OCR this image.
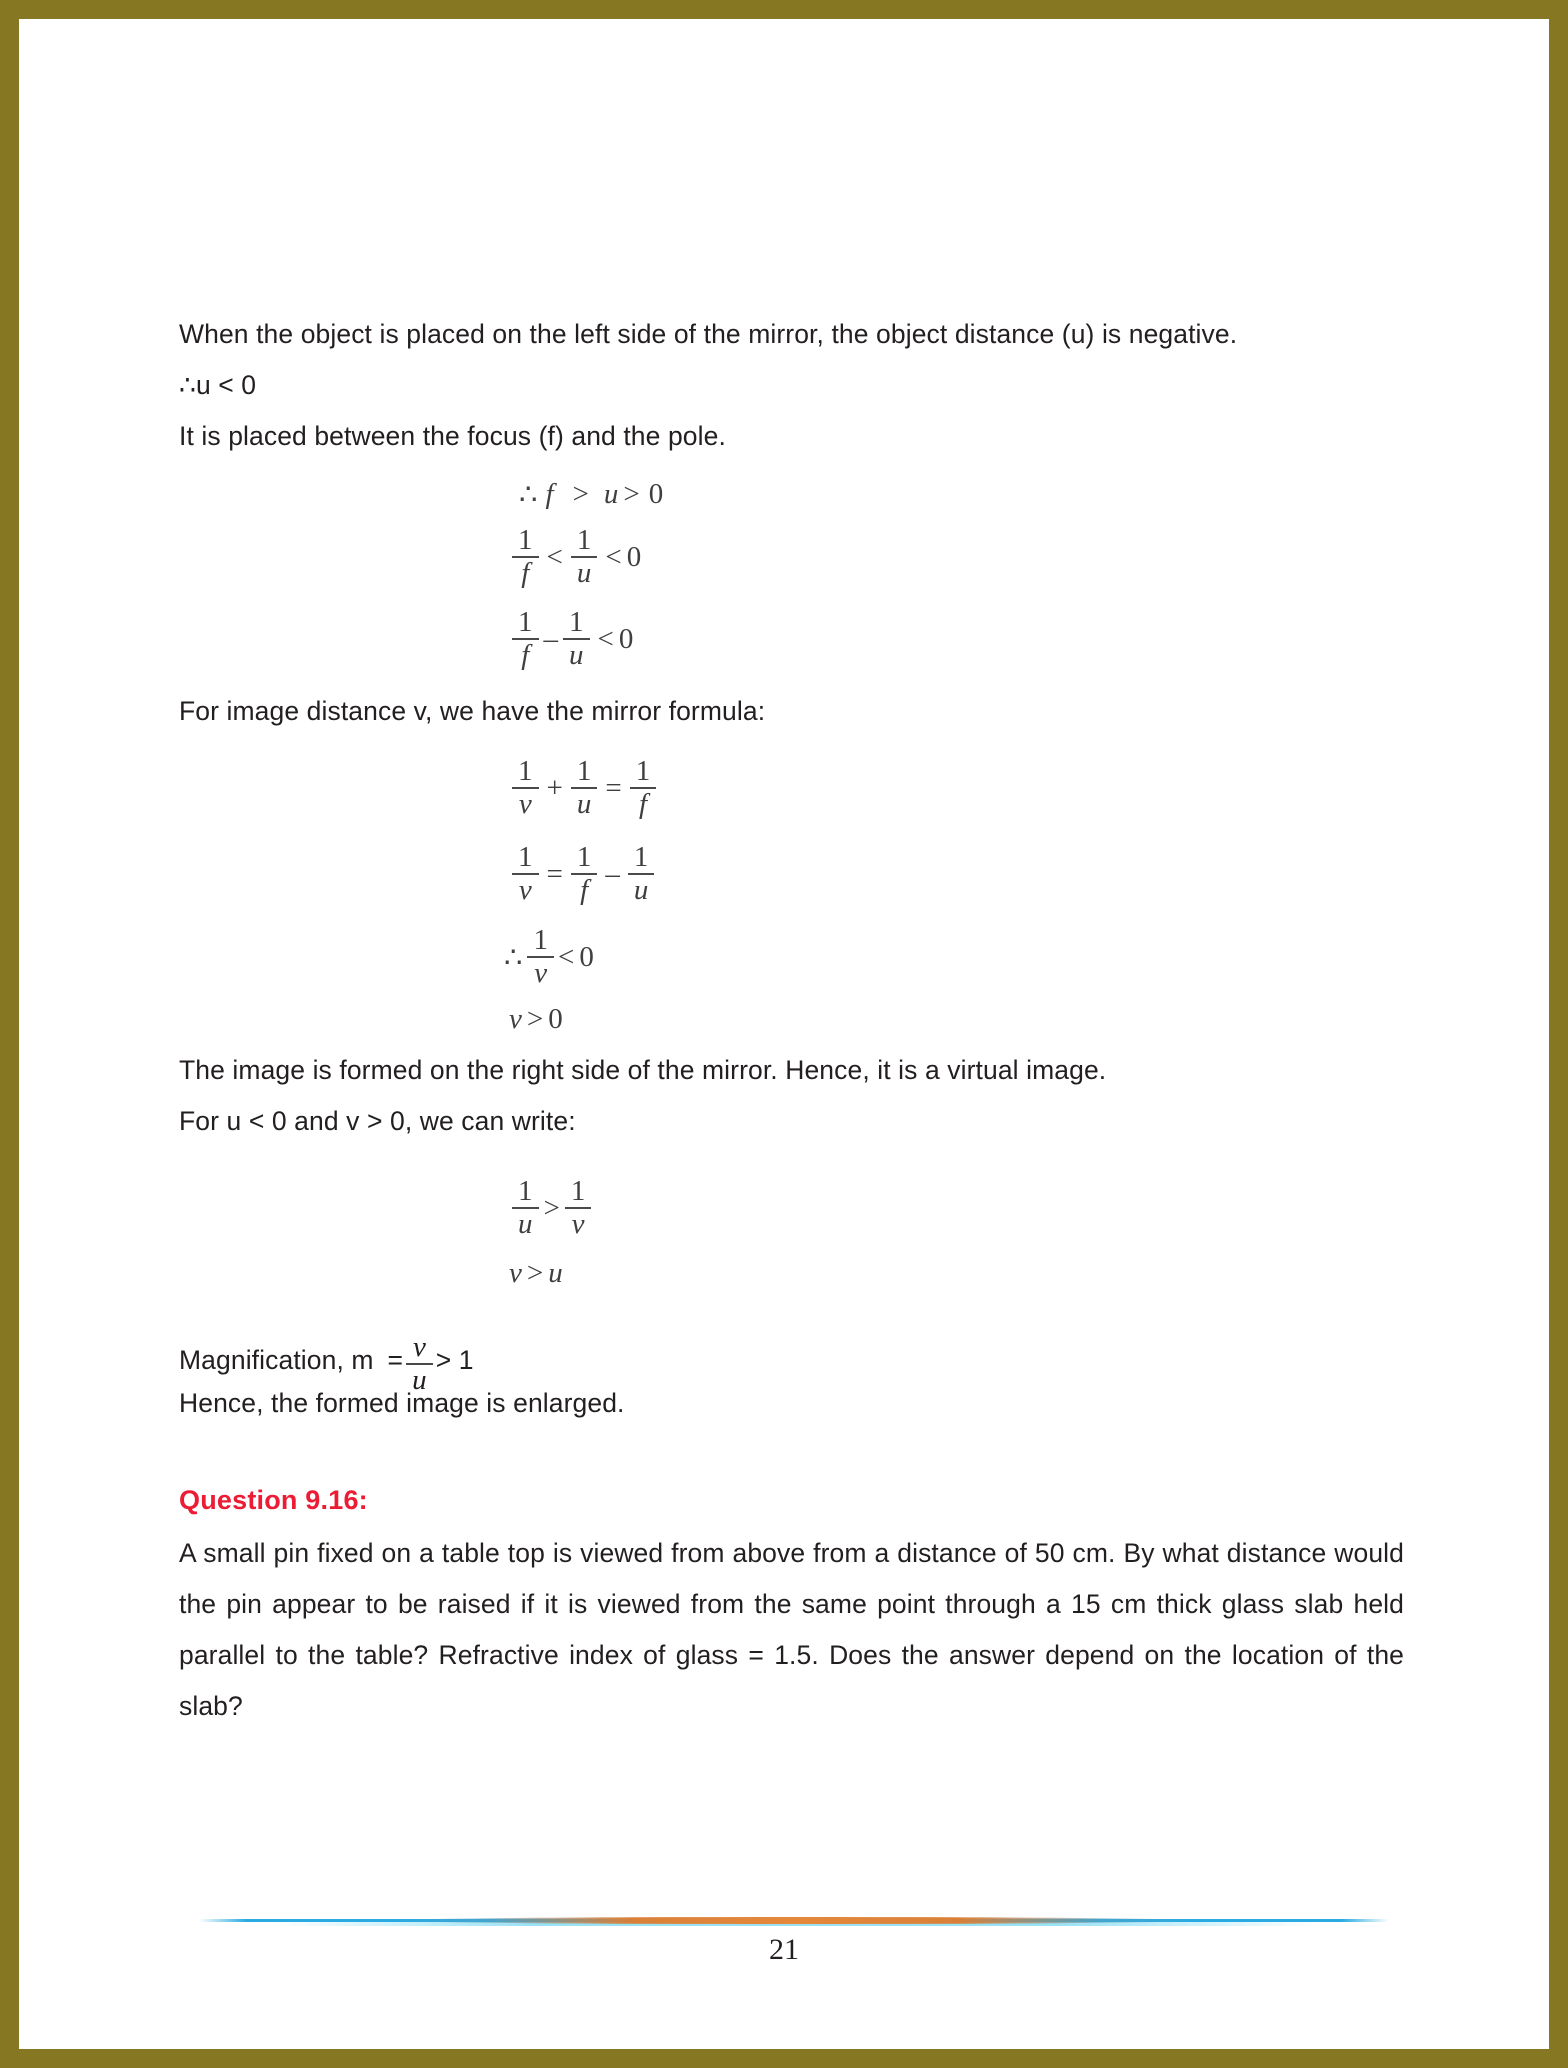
When the object is placed on the left side of the mirror, the object distance (u) is negative.

∴u < 0

It is placed between the focus (f) and the pole.

∴ f > u > 0
$\frac{1}{f} < \frac{1}{u} < 0$
$\frac{1}{f} - \frac{1}{u} < 0$

For image distance v, we have the mirror formula:

$\frac{1}{v} + \frac{1}{u} = \frac{1}{f}$
$\frac{1}{v} = \frac{1}{f} - \frac{1}{u}$
∴ $\frac{1}{v} < 0$
v > 0

The image is formed on the right side of the mirror. Hence, it is a virtual image.

For u < 0 and v > 0, we can write:

$\frac{1}{u} > \frac{1}{v}$
v > u
Magnification, $m = \frac{v}{u} > 1$
Hence, the formed image is enlarged.

Question 9.16:

A small pin fixed on a table top is viewed from above from a distance of 50 cm. By what distance would the pin appear to be raised if it is viewed from the same point through a 15 cm thick glass slab held parallel to the table? Refractive index of glass = 1.5. Does the answer depend on the location of the slab?

21
